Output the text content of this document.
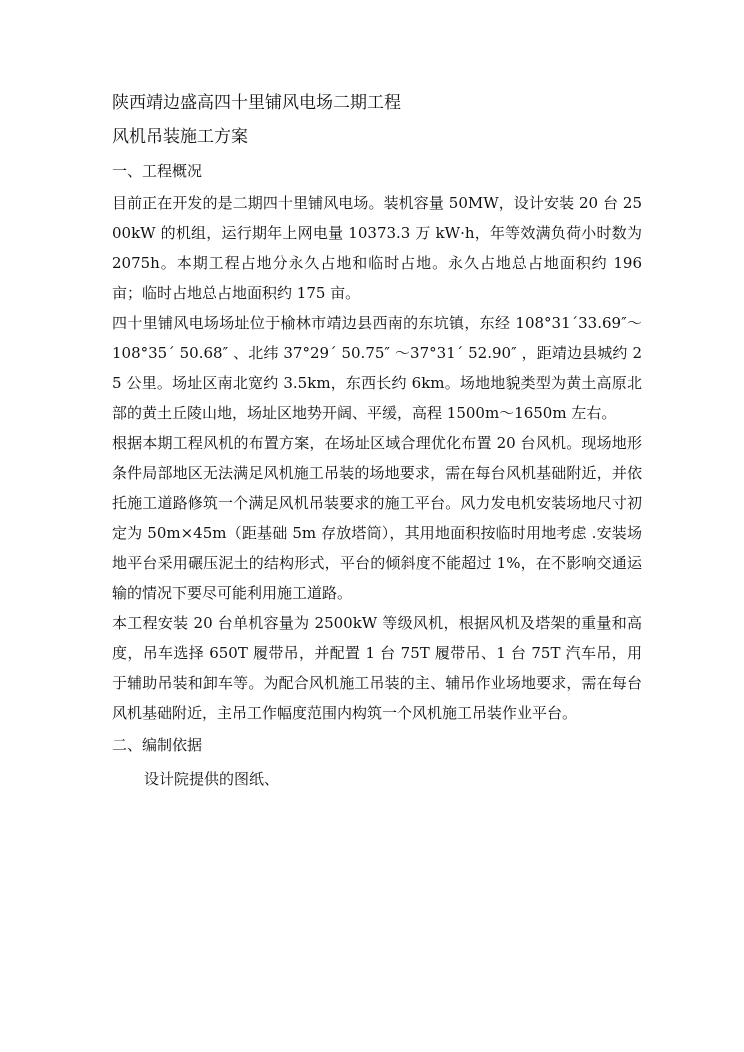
陕西靖边盛高四十里铺风电场二期工程

风机吊装施工方案

一、工程概况

目前正在开发的是二期四十里铺风电场。装机容量 50MW，设计安装 20 台 2500kW 的机组，运行期年上网电量 10373.3 万 kW·h，年等效满负荷小时数为 2075h。本期工程占地分永久占地和临时占地。永久占地总占地面积约 196 亩；临时占地总占地面积约 175 亩。

四十里铺风电场场址位于榆林市靖边县西南的东坑镇，东经 108°31´33.69″～108°35´ 50.68″ 、北纬 37°29´ 50.75″ ～37°31´ 52.90″ ，距靖边县城约 25 公里。场址区南北宽约 3.5km，东西长约 6km。场地地貌类型为黄土高原北部的黄土丘陵山地，场址区地势开阔、平缓，高程 1500m～1650m 左右。

根据本期工程风机的布置方案，在场址区域合理优化布置 20 台风机。现场地形条件局部地区无法满足风机施工吊装的场地要求，需在每台风机基础附近，并依托施工道路修筑一个满足风机吊装要求的施工平台。风力发电机安装场地尺寸初定为 50m×45m（距基础 5m 存放塔筒），其用地面积按临时用地考虑 .安装场地平台采用碾压泥土的结构形式，平台的倾斜度不能超过 1%，在不影响交通运输的情况下要尽可能利用施工道路。

本工程安装 20 台单机容量为 2500kW 等级风机，根据风机及塔架的重量和高度，吊车选择 650T 履带吊，并配置 1 台 75T 履带吊、1 台 75T 汽车吊，用于辅助吊装和卸车等。为配合风机施工吊装的主、辅吊作业场地要求，需在每台风机基础附近，主吊工作幅度范围内构筑一个风机施工吊装作业平台。

二、编制依据

设计院提供的图纸、
